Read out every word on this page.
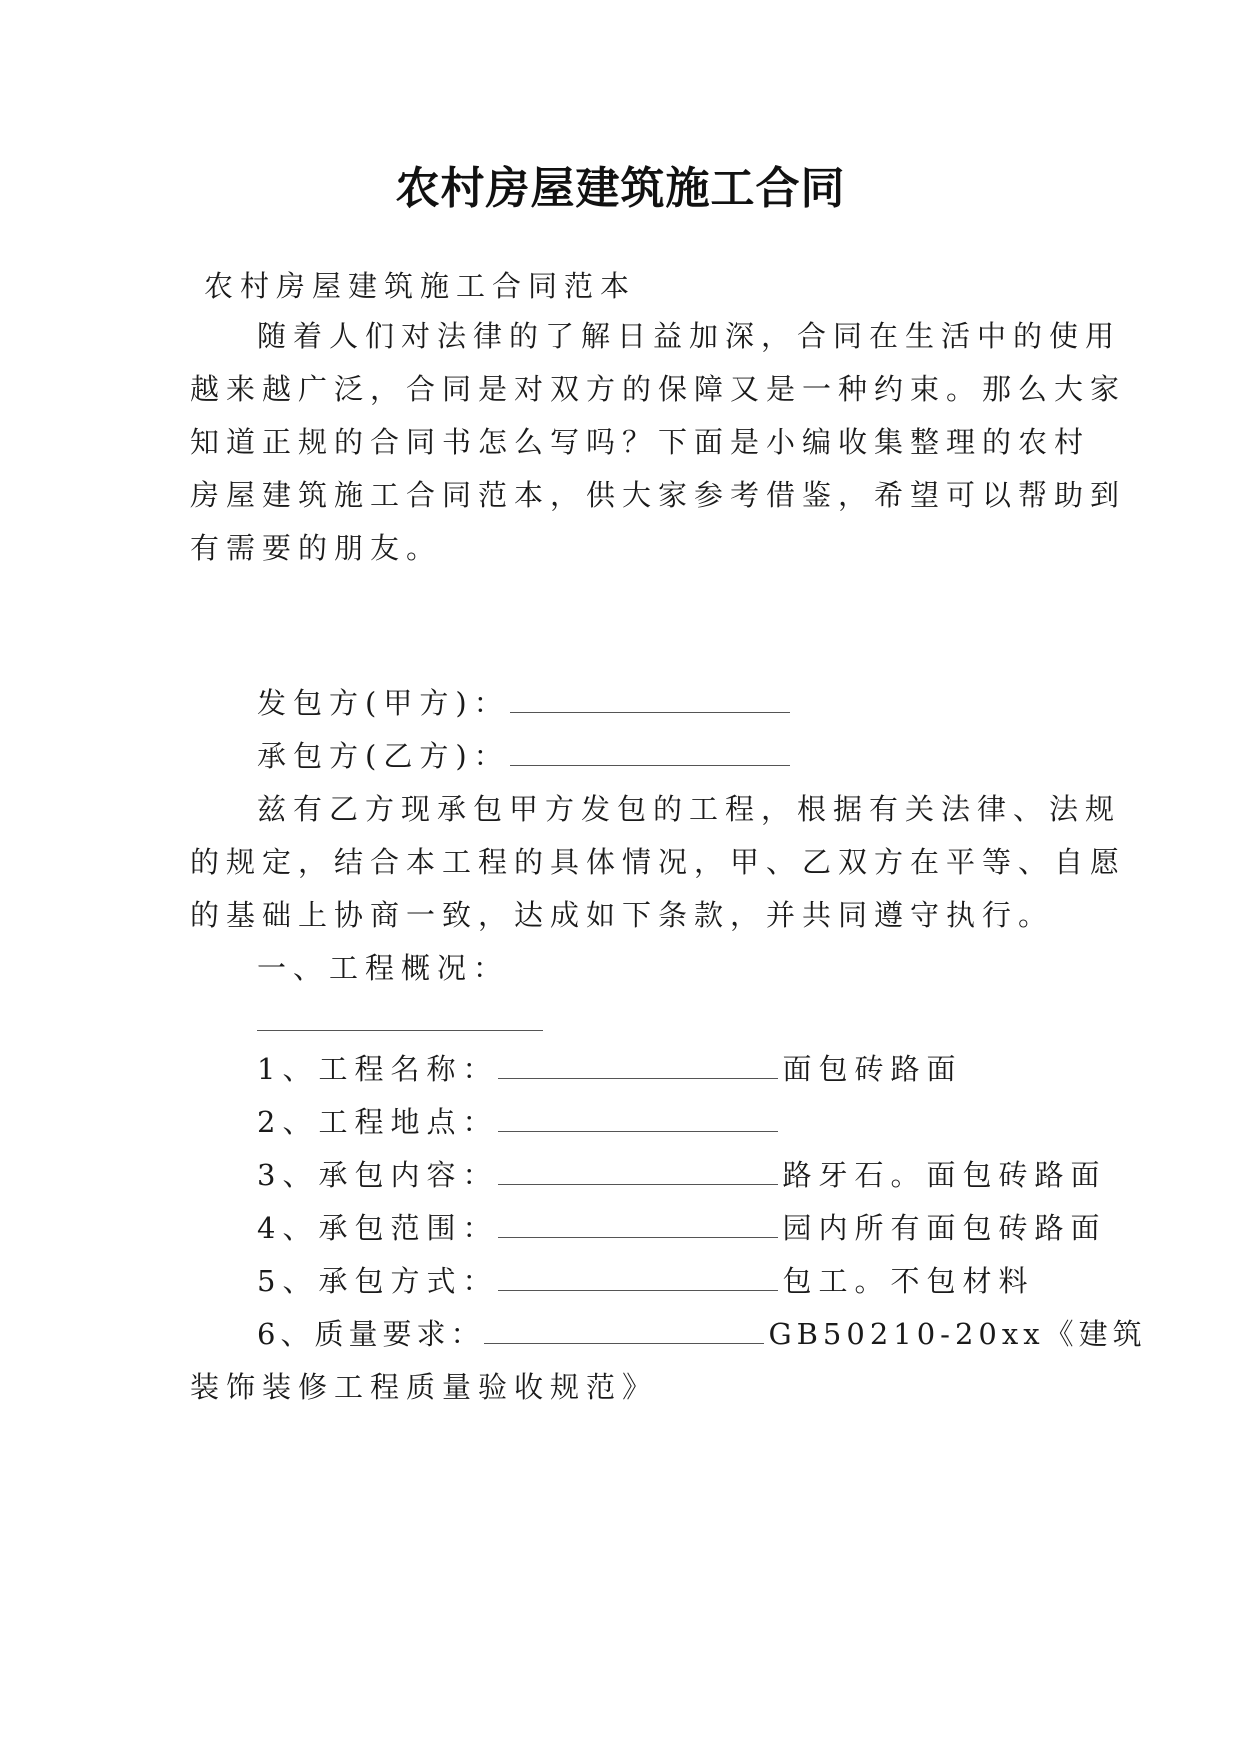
农村房屋建筑施工合同
农村房屋建筑施工合同范本
随着人们对法律的了解日益加深，合同在生活中的使用
越来越广泛，合同是对双方的保障又是一种约束。那么大家
知道正规的合同书怎么写吗？下面是小编收集整理的农村
房屋建筑施工合同范本，供大家参考借鉴，希望可以帮助到
有需要的朋友。
发包方(甲方)：
承包方(乙方)：
兹有乙方现承包甲方发包的工程，根据有关法律、法规
的规定，结合本工程的具体情况，甲、乙双方在平等、自愿
的基础上协商一致，达成如下条款，并共同遵守执行。
一、工程概况：
1、工程名称：	面包砖路面
2、工程地点：
3、承包内容：	路牙石。面包砖路面
4、承包范围：	园内所有面包砖路面
5、承包方式：	包工。不包材料
6、质量要求：	GB50210-20xx《建筑
装饰装修工程质量验收规范》
